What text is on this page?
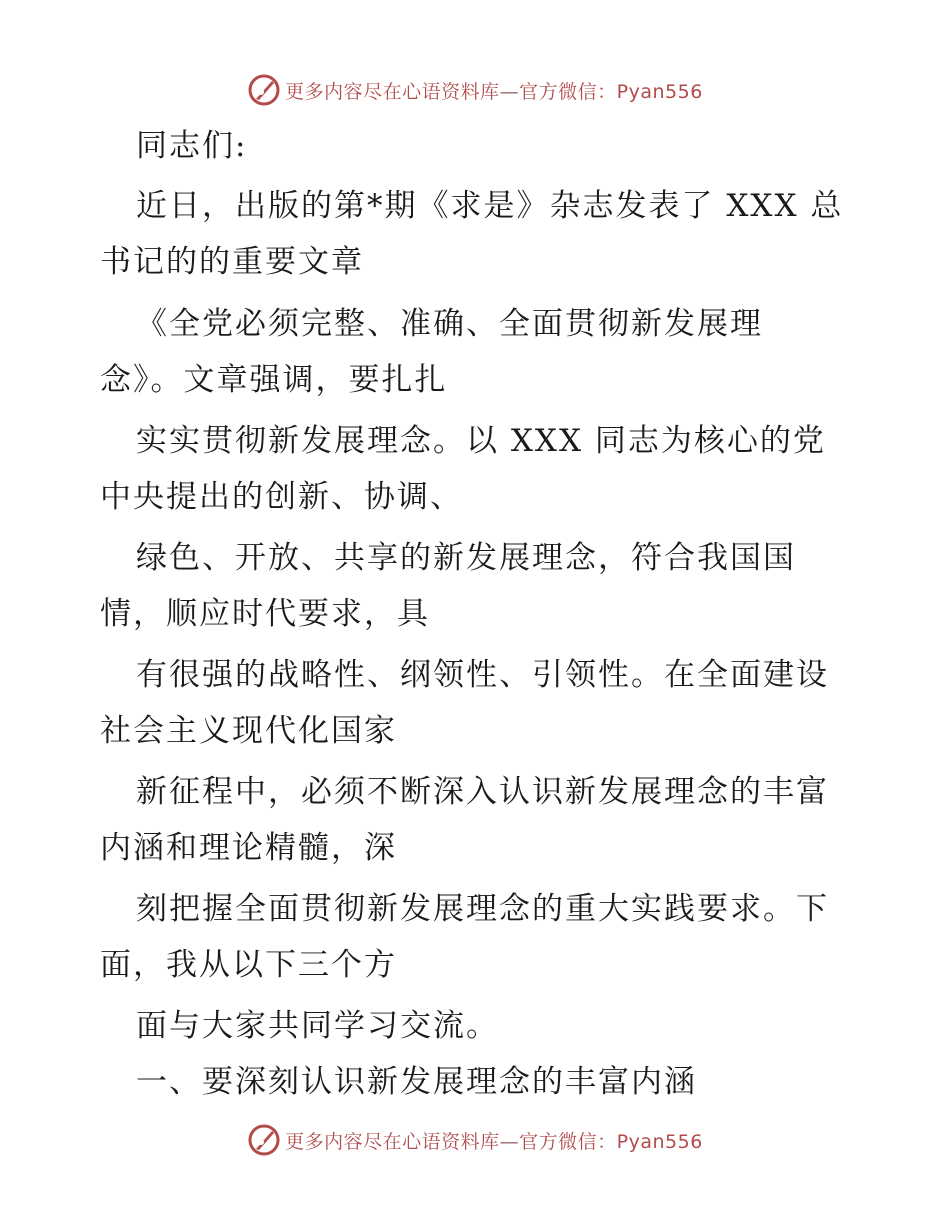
更多内容尽在心语资料库—官方微信：Pyan556
同志们:
近日，出版的第*期《求是》杂志发表了 XXX 总
书记的的重要文章
《全党必须完整、准确、全面贯彻新发展理
念》。文章强调，要扎扎
实实贯彻新发展理念。以 XXX 同志为核心的党
中央提出的创新、协调、
绿色、开放、共享的新发展理念，符合我国国
情，顺应时代要求，具
有很强的战略性、纲领性、引领性。在全面建设
社会主义现代化国家
新征程中，必须不断深入认识新发展理念的丰富
内涵和理论精髓，深
刻把握全面贯彻新发展理念的重大实践要求。下
面，我从以下三个方
面与大家共同学习交流。
一、要深刻认识新发展理念的丰富内涵
更多内容尽在心语资料库—官方微信：Pyan556
